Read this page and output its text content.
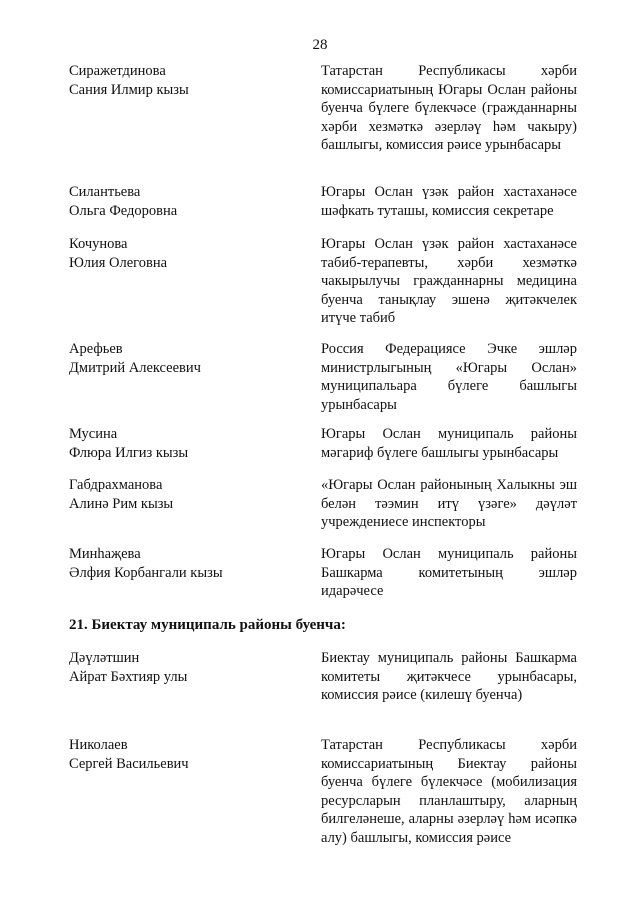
28
Сиражетдинова
Сания Илмир кызы
Татарстан Республикасы хәрби комиссариатының Югары Ослан районы буенча бүлеге бүлекчәсе (гражданнарны хәрби хезмәткә әзерләү һәм чакыру) башлыгы, комиссия рәисе урынбасары
Силантьева
Ольга Федоровна
Югары Ослан үзәк район хастаханәсе шәфкать туташы, комиссия секретаре
Кочунова
Юлия Олеговна
Югары Ослан үзәк район хастаханәсе табиб-терапевты, хәрби хезмәткә чакырылучы гражданнарны медицина буенча танықлау эшенә җитәкчелек итүче табиб
Арефьев
Дмитрий Алексеевич
Россия Федерациясе Эчке эшләр министрлыгының «Югары Ослан» муниципальара бүлеге башлыгы урынбасары
Мусина
Флюра Илгиз кызы
Югары Ослан муниципаль районы мәгариф бүлеге башлыгы урынбасары
Габдрахманова
Алинә Рим кызы
«Югары Ослан районының Халыкны эш белән тәэмин итү үзәге» дәүләт учреждениесе инспекторы
Минһаҗева
Әлфия Корбангали кызы
Югары Ослан муниципаль районы Башкарма комитетының эшләр идарәчесе
21. Биектау муниципаль районы буенча:
Дәүләтшин
Айрат Бәхтияр улы
Биектау муниципаль районы Башкарма комитеты җитәкчесе урынбасары, комиссия рәисе (килешү буенча)
Николаев
Сергей Васильевич
Татарстан Республикасы хәрби комиссариатының Биектау районы буенча бүлеге бүлекчәсе (мобилизация ресурсларын планлаштыру, аларның билгеләнеше, аларны әзерләү һәм исәпкә алу) башлыгы, комиссия рәисе
